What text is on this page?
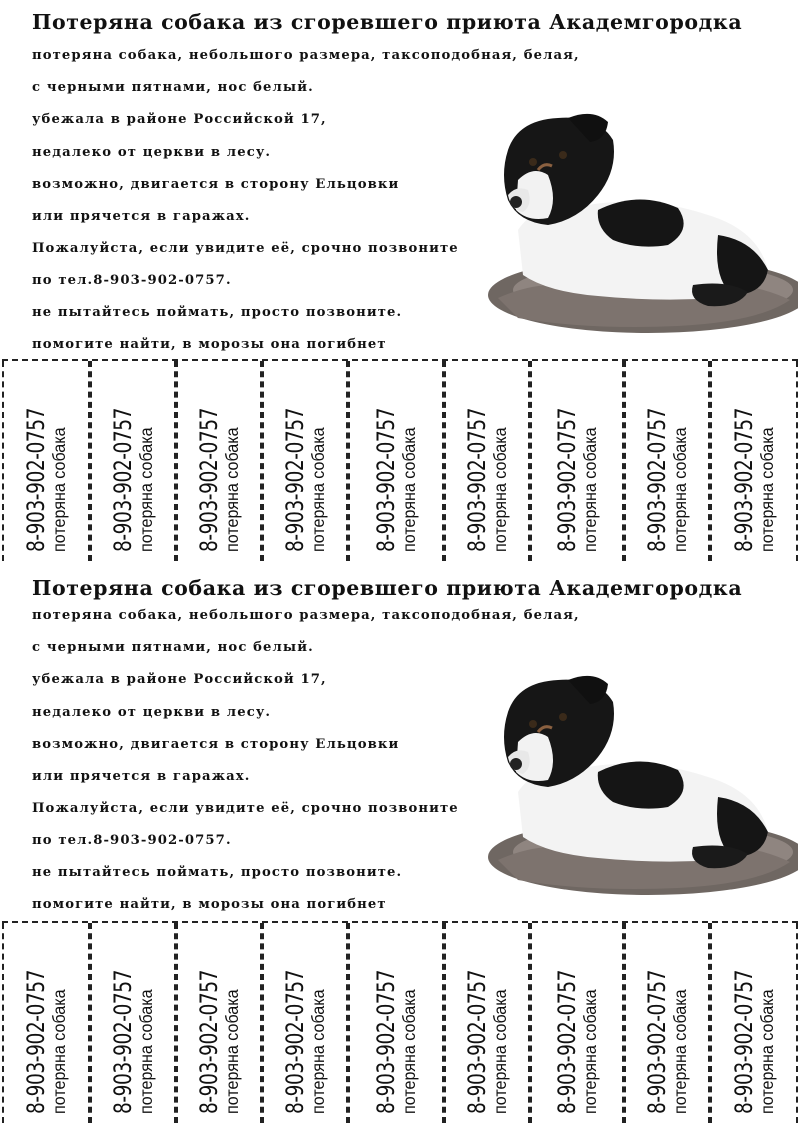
Потеряна собака из сгоревшего приюта Академгородка
потеряна собака, небольшого размера, таксоподобная, белая,
с черными пятнами, нос белый.
убежала в районе Российской 17,
недалеко от церкви в лесу.
возможно, двигается в сторону Ельцовки
или прячется в гаражах.
Пожалуйста, если увидите её, срочно позвоните
по тел.8-903-902-0757.
не пытайтесь поймать, просто позвоните.
помогите найти, в морозы она погибнет
8-903-902-0757 потеряна собака 8-903-902-0757 потеряна собака 8-903-902-0757 потеряна собака 8-903-902-0757 потеряна собака 8-903-902-0757 потеряна собака 8-903-902-0757 потеряна собака 8-903-902-0757 потеряна собака 8-903-902-0757 потеряна собака 8-903-902-0757 потеряна собака
Потеряна собака из сгоревшего приюта Академгородка
потеряна собака, небольшого размера, таксоподобная, белая,
с черными пятнами, нос белый.
убежала в районе Российской 17,
недалеко от церкви в лесу.
возможно, двигается в сторону Ельцовки
или прячется в гаражах.
Пожалуйста, если увидите её, срочно позвоните
по тел.8-903-902-0757.
не пытайтесь поймать, просто позвоните.
помогите найти, в морозы она погибнет
8-903-902-0757 потеряна собака 8-903-902-0757 потеряна собака 8-903-902-0757 потеряна собака 8-903-902-0757 потеряна собака 8-903-902-0757 потеряна собака 8-903-902-0757 потеряна собака 8-903-902-0757 потеряна собака 8-903-902-0757 потеряна собака 8-903-902-0757 потеряна собака
